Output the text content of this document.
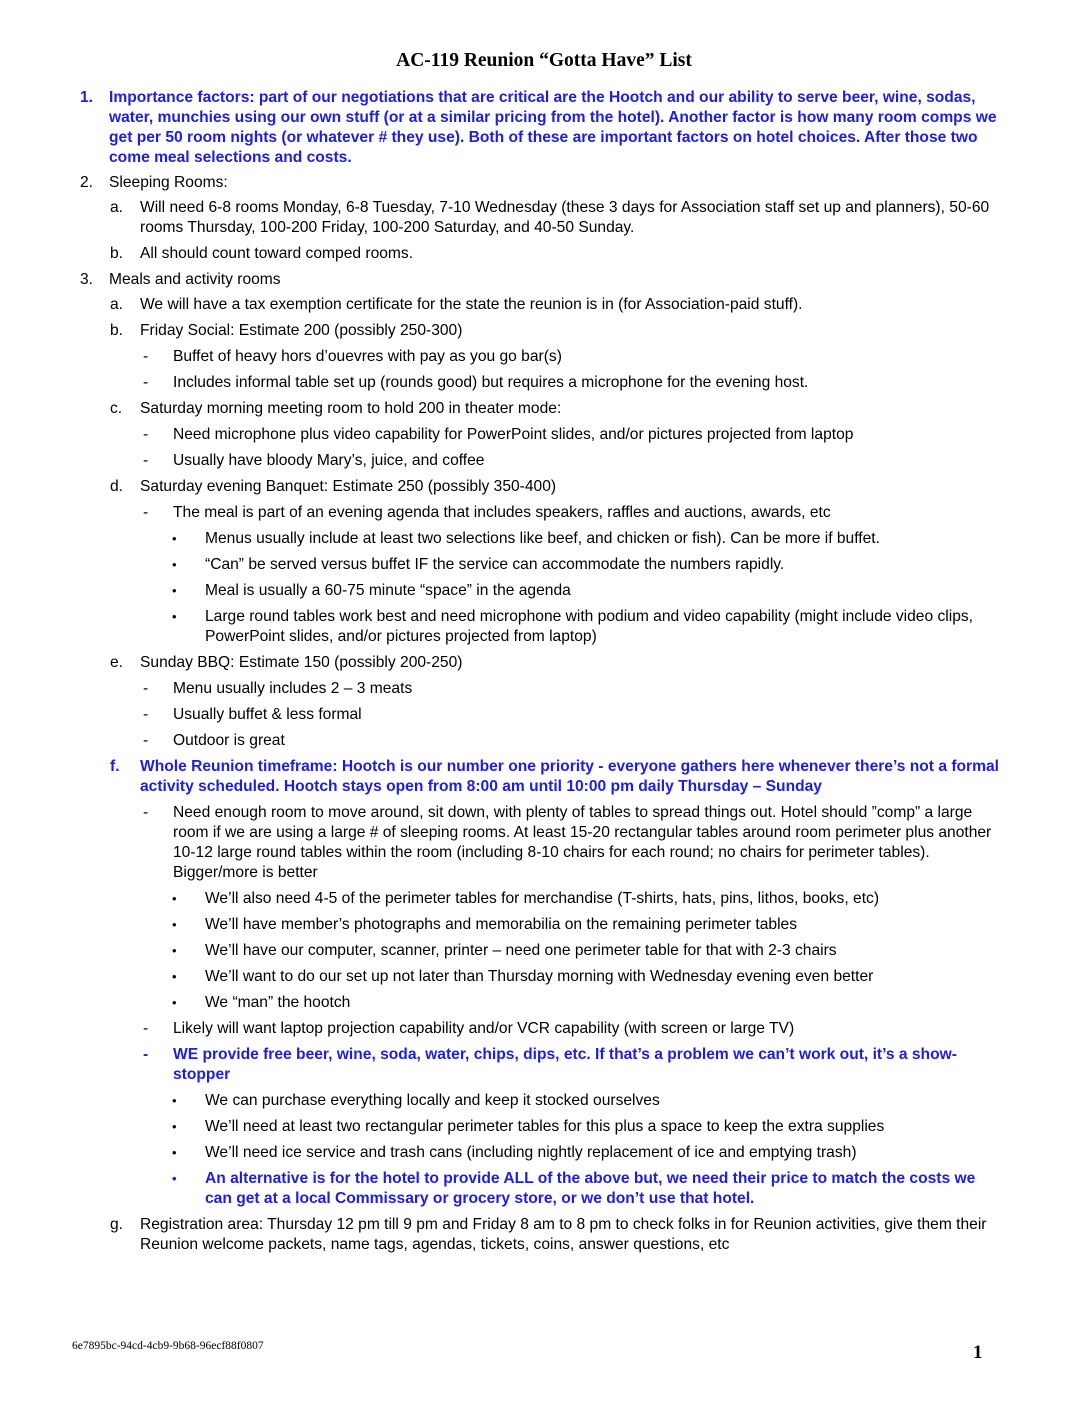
AC-119 Reunion “Gotta Have” List
1. Importance factors: part of our negotiations that are critical are the Hootch and our ability to serve beer, wine, sodas, water, munchies using our own stuff (or at a similar pricing from the hotel). Another factor is how many room comps we get per 50 room nights (or whatever # they use). Both of these are important factors on hotel choices. After those two come meal selections and costs.
2. Sleeping Rooms:
a. Will need 6-8 rooms Monday, 6-8 Tuesday, 7-10 Wednesday (these 3 days for Association staff set up and planners), 50-60 rooms Thursday, 100-200 Friday, 100-200 Saturday, and 40-50 Sunday.
b. All should count toward comped rooms.
3. Meals and activity rooms
a. We will have a tax exemption certificate for the state the reunion is in (for Association-paid stuff).
b. Friday Social: Estimate 200 (possibly 250-300)
- Buffet of heavy hors d’ouevres with pay as you go bar(s)
- Includes informal table set up (rounds good) but requires a microphone for the evening host.
c. Saturday morning meeting room to hold 200 in theater mode:
- Need microphone plus video capability for PowerPoint slides, and/or pictures projected from laptop
- Usually have bloody Mary’s, juice, and coffee
d. Saturday evening Banquet: Estimate 250 (possibly 350-400)
- The meal is part of an evening agenda that includes speakers, raffles and auctions, awards, etc
• Menus usually include at least two selections like beef, and chicken or fish). Can be more if buffet.
• “Can” be served versus buffet IF the service can accommodate the numbers rapidly.
• Meal is usually a 60-75 minute “space” in the agenda
• Large round tables work best and need microphone with podium and video capability (might include video clips, PowerPoint slides, and/or pictures projected from laptop)
e. Sunday BBQ: Estimate 150 (possibly 200-250)
- Menu usually includes 2 – 3 meats
- Usually buffet & less formal
- Outdoor is great
f. Whole Reunion timeframe: Hootch is our number one priority - everyone gathers here whenever there’s not a formal activity scheduled. Hootch stays open from 8:00 am until 10:00 pm daily Thursday – Sunday
- Need enough room to move around, sit down, with plenty of tables to spread things out. Hotel should ”comp” a large room if we are using a large # of sleeping rooms. At least 15-20 rectangular tables around room perimeter plus another 10-12 large round tables within the room (including 8-10 chairs for each round; no chairs for perimeter tables). Bigger/more is better
• We’ll also need 4-5 of the perimeter tables for merchandise (T-shirts, hats, pins, lithos, books, etc)
• We’ll have member’s photographs and memorabilia on the remaining perimeter tables
• We’ll have our computer, scanner, printer – need one perimeter table for that with 2-3 chairs
• We’ll want to do our set up not later than Thursday morning with Wednesday evening even better
• We “man” the hootch
- Likely will want laptop projection capability and/or VCR capability (with screen or large TV)
- WE provide free beer, wine, soda, water, chips, dips, etc. If that’s a problem we can’t work out, it’s a show-stopper
• We can purchase everything locally and keep it stocked ourselves
• We’ll need at least two rectangular perimeter tables for this plus a space to keep the extra supplies
• We’ll need ice service and trash cans (including nightly replacement of ice and emptying trash)
• An alternative is for the hotel to provide ALL of the above but, we need their price to match the costs we can get at a local Commissary or grocery store, or we don’t use that hotel.
g. Registration area: Thursday 12 pm till 9 pm and Friday 8 am to 8 pm to check folks in for Reunion activities, give them their Reunion welcome packets, name tags, agendas, tickets, coins, answer questions, etc
6e7895bc-94cd-4cb9-9b68-96ecf88f0807	1
